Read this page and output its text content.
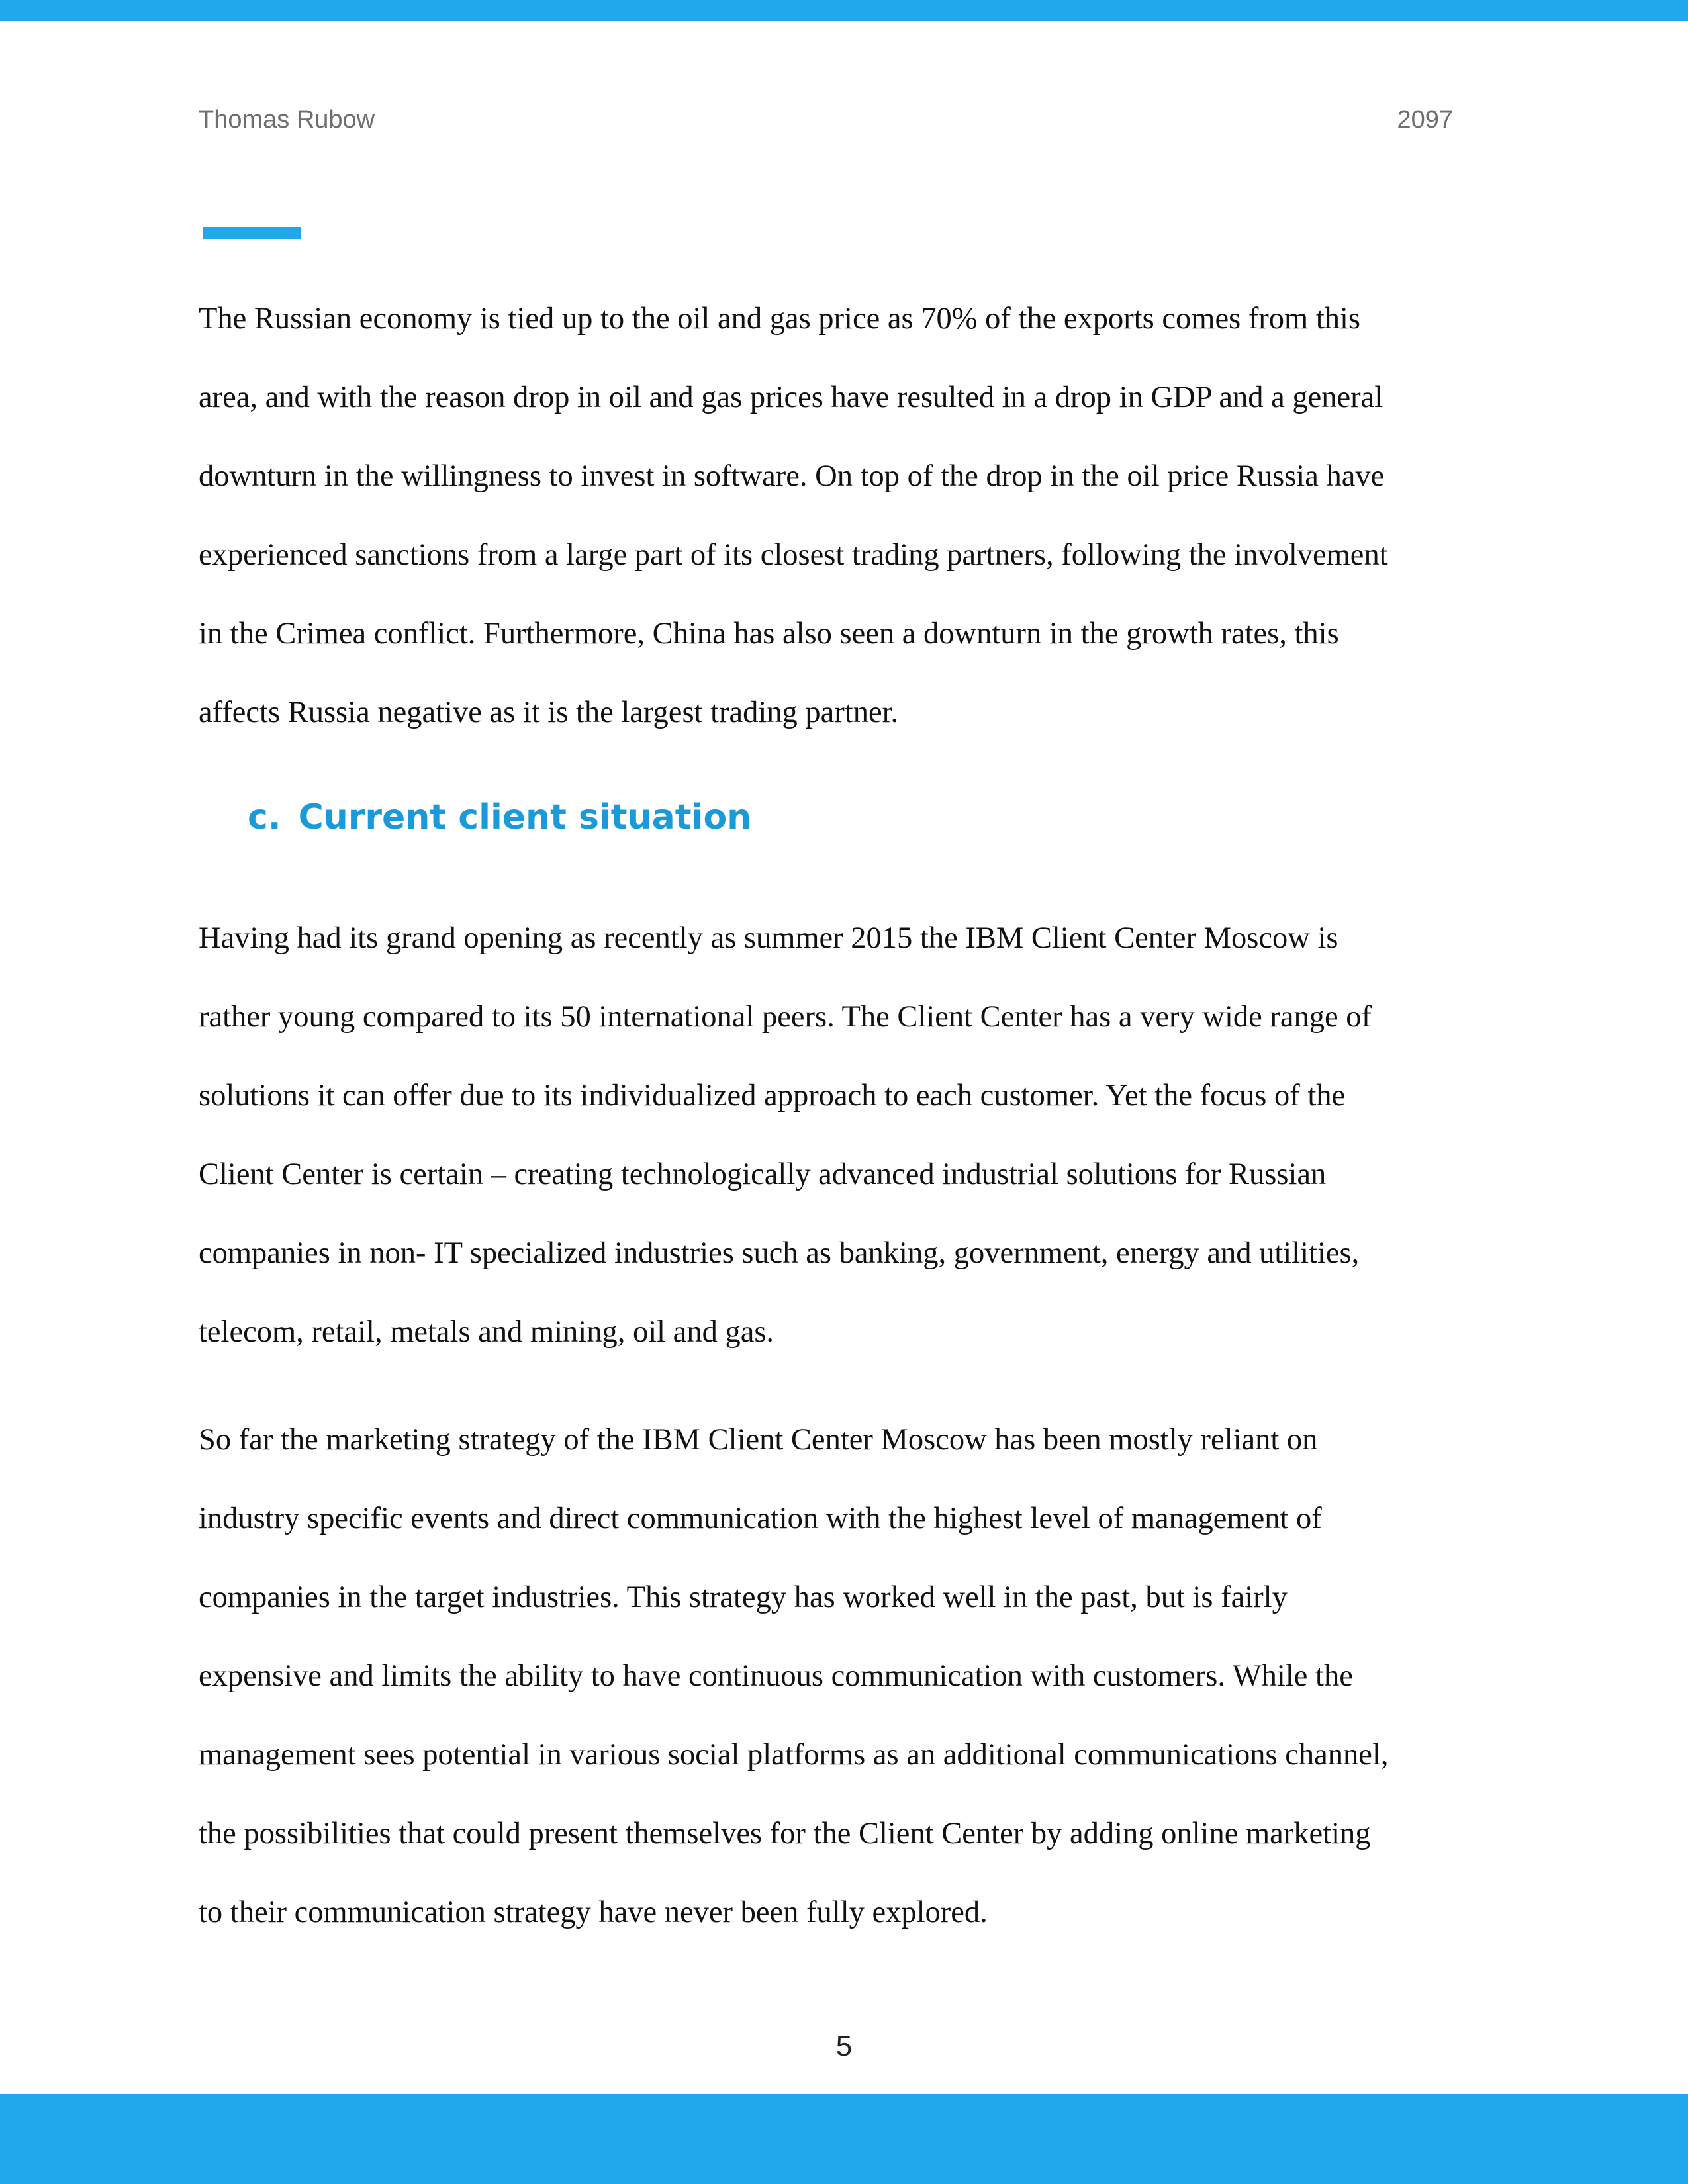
Thomas Rubow	2097

The Russian economy is tied up to the oil and gas price as 70% of the exports comes from this
area, and with the reason drop in oil and gas prices have resulted in a drop in GDP and a general
downturn in the willingness to invest in software. On top of the drop in the oil price Russia have
experienced sanctions from a large part of its closest trading partners, following the involvement
in the Crimea conflict. Furthermore, China has also seen a downturn in the growth rates, this
affects Russia negative as it is the largest trading partner.

c. Current client situation

Having had its grand opening as recently as summer 2015 the IBM Client Center Moscow is
rather young compared to its 50 international peers. The Client Center has a very wide range of
solutions it can offer due to its individualized approach to each customer. Yet the focus of the
Client Center is certain – creating technologically advanced industrial solutions for Russian
companies in non- IT specialized industries such as banking, government, energy and utilities,
telecom, retail, metals and mining, oil and gas.

So far the marketing strategy of the IBM Client Center Moscow has been mostly reliant on
industry specific events and direct communication with the highest level of management of
companies in the target industries. This strategy has worked well in the past, but is fairly
expensive and limits the ability to have continuous communication with customers. While the
management sees potential in various social platforms as an additional communications channel,
the possibilities that could present themselves for the Client Center by adding online marketing
to their communication strategy have never been fully explored.

5
